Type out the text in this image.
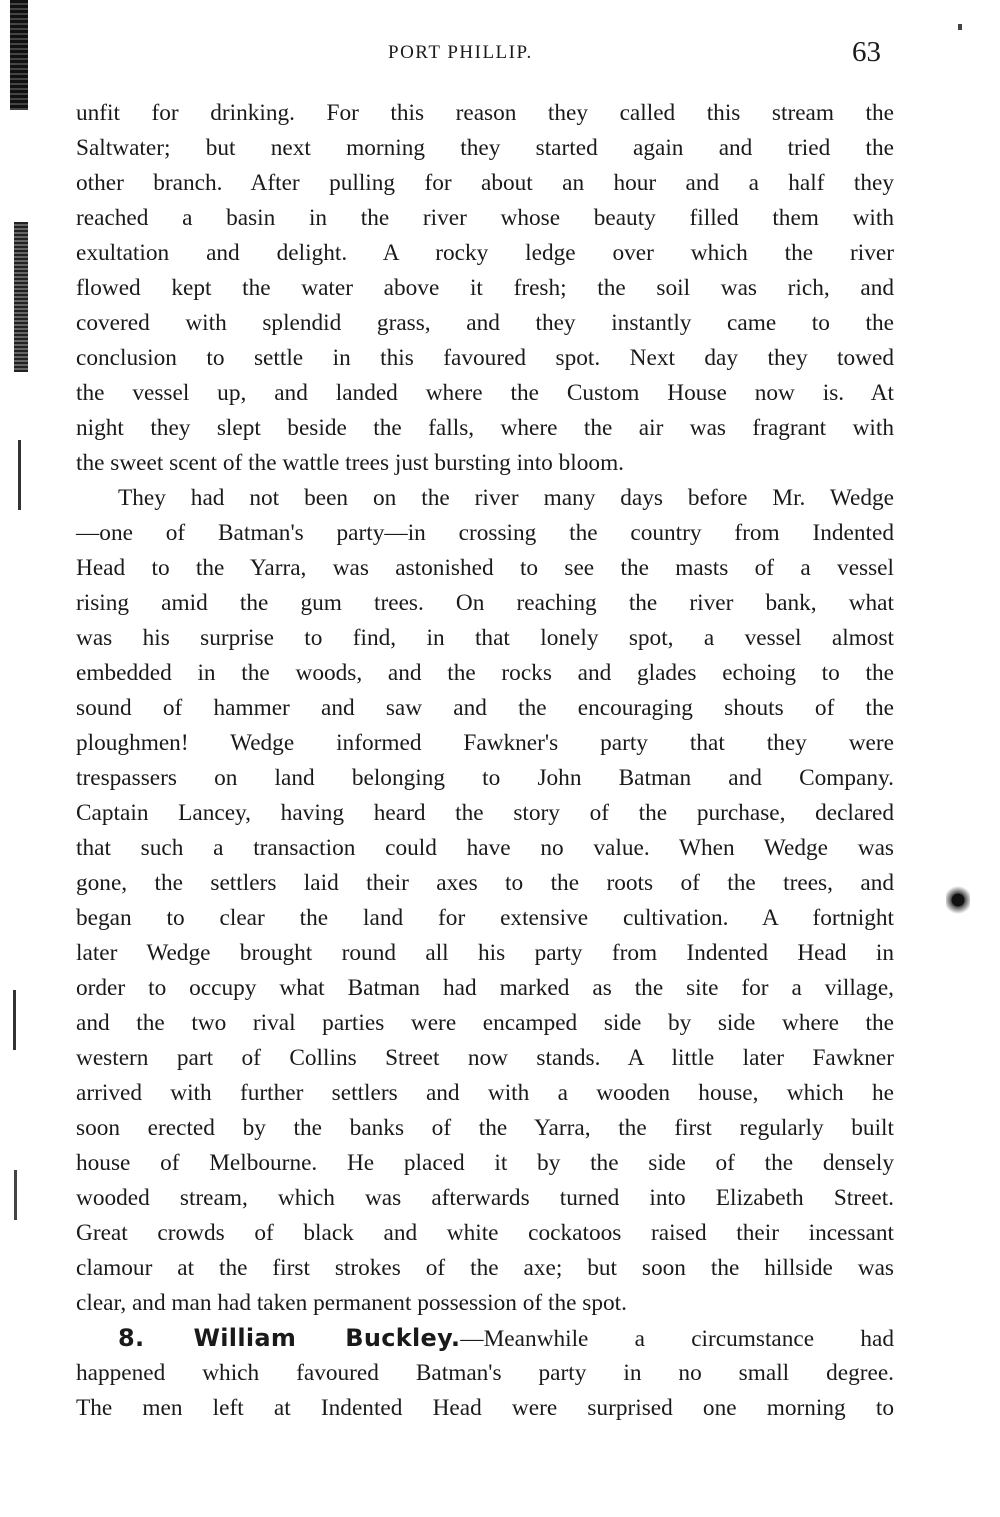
PORT PHILLIP.	63
unfit for drinking. For this reason they called this stream the
Saltwater; but next morning they started again and tried the
other branch. After pulling for about an hour and a half they
reached a basin in the river whose beauty filled them with
exultation and delight. A rocky ledge over which the river
flowed kept the water above it fresh; the soil was rich, and
covered with splendid grass, and they instantly came to the
conclusion to settle in this favoured spot. Next day they towed
the vessel up, and landed where the Custom House now is. At
night they slept beside the falls, where the air was fragrant with
the sweet scent of the wattle trees just bursting into bloom.
They had not been on the river many days before Mr. Wedge
—one of Batman's party—in crossing the country from Indented
Head to the Yarra, was astonished to see the masts of a vessel
rising amid the gum trees. On reaching the river bank, what
was his surprise to find, in that lonely spot, a vessel almost
embedded in the woods, and the rocks and glades echoing to the
sound of hammer and saw and the encouraging shouts of the
ploughmen! Wedge informed Fawkner's party that they were
trespassers on land belonging to John Batman and Company.
Captain Lancey, having heard the story of the purchase, declared
that such a transaction could have no value. When Wedge was
gone, the settlers laid their axes to the roots of the trees, and
began to clear the land for extensive cultivation. A fortnight
later Wedge brought round all his party from Indented Head in
order to occupy what Batman had marked as the site for a village,
and the two rival parties were encamped side by side where the
western part of Collins Street now stands. A little later Fawkner
arrived with further settlers and with a wooden house, which he
soon erected by the banks of the Yarra, the first regularly built
house of Melbourne. He placed it by the side of the densely
wooded stream, which was afterwards turned into Elizabeth Street.
Great crowds of black and white cockatoos raised their incessant
clamour at the first strokes of the axe; but soon the hillside was
clear, and man had taken permanent possession of the spot.
8. William Buckley.—Meanwhile a circumstance had
happened which favoured Batman's party in no small degree.
The men left at Indented Head were surprised one morning to
